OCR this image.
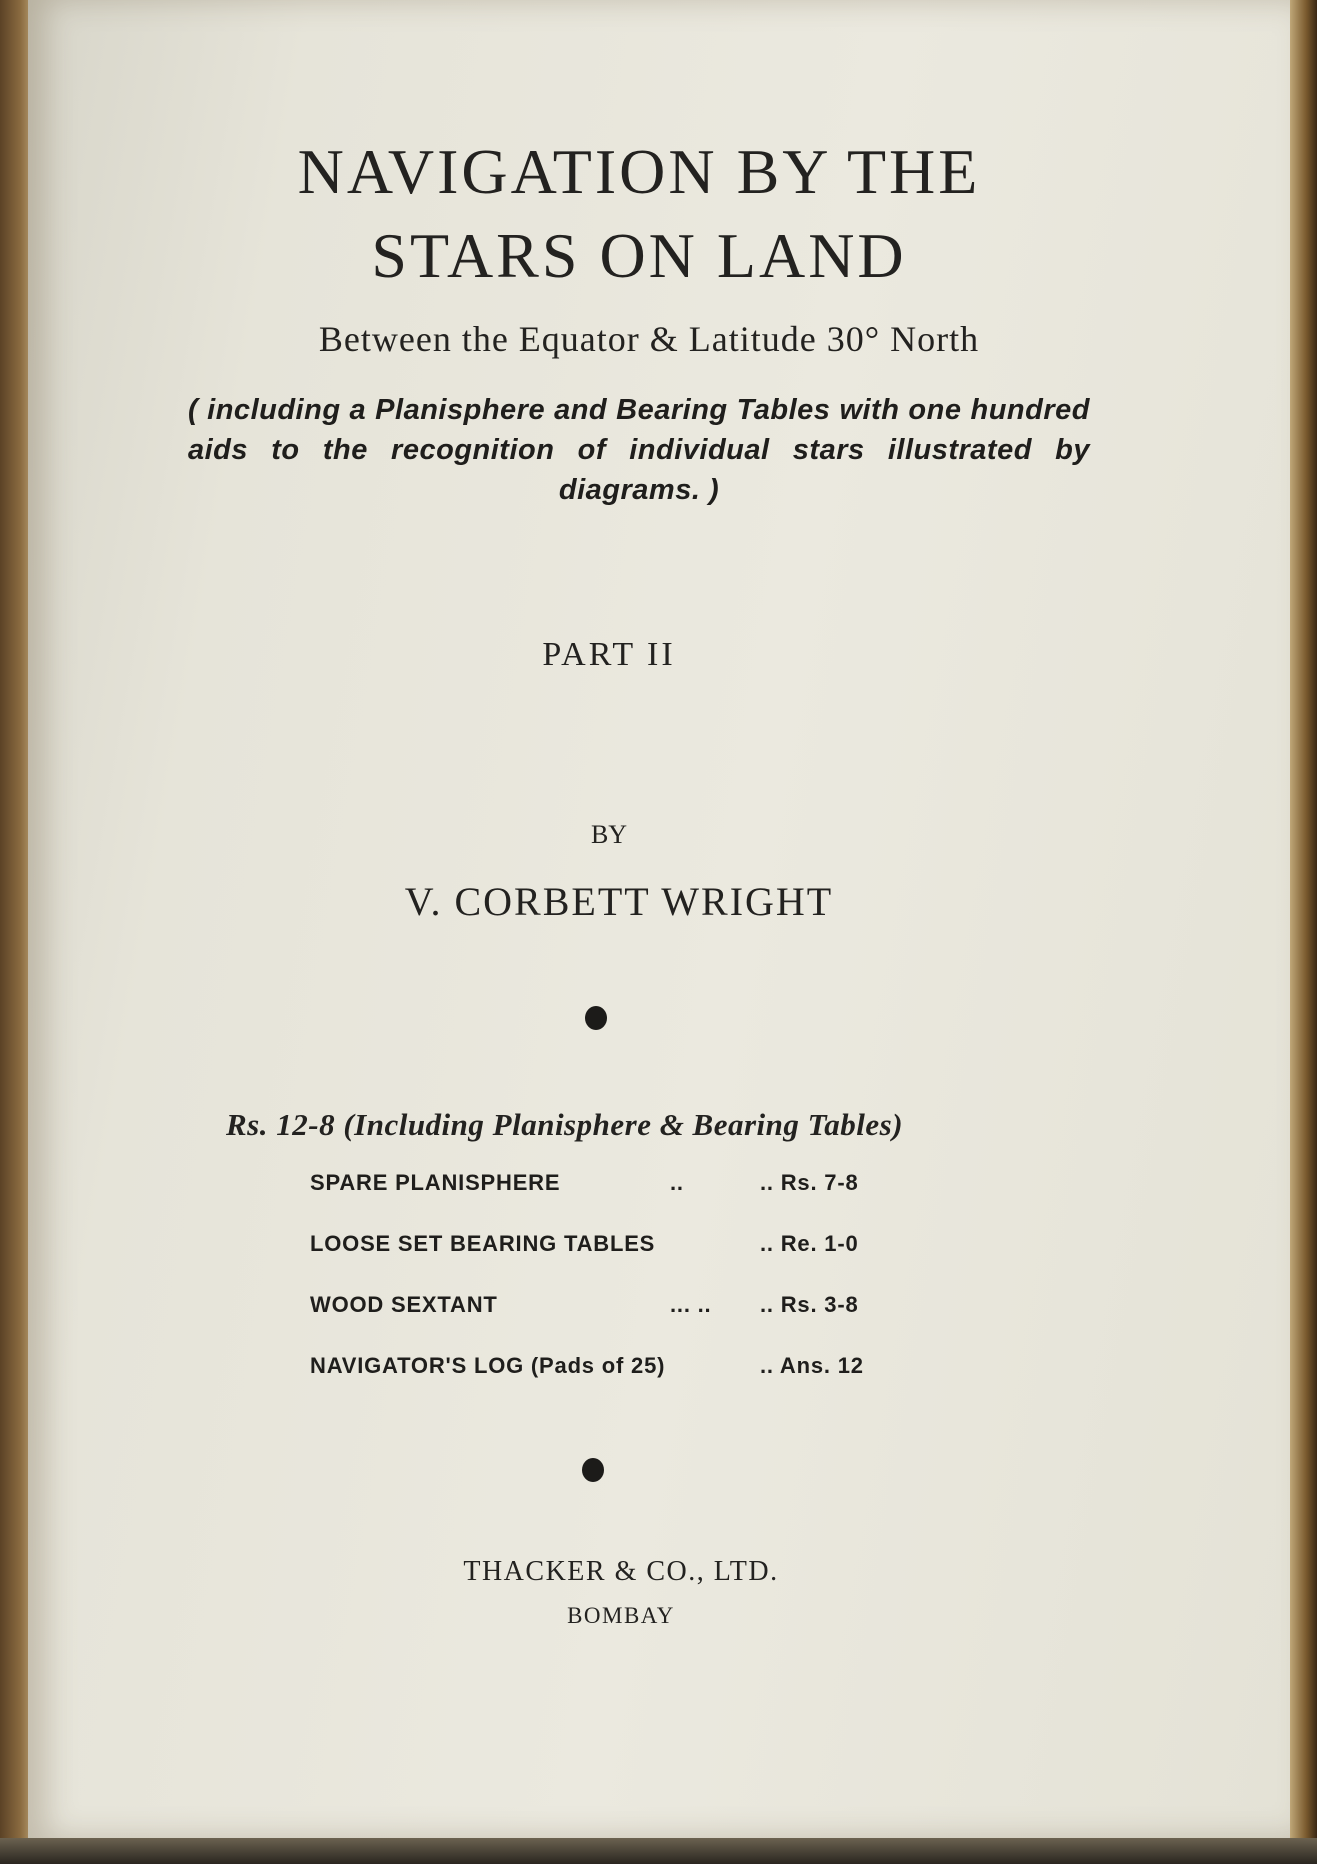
NAVIGATION BY THE
STARS ON LAND
Between the Equator & Latitude 30° North
( including a Planisphere and Bearing Tables with one hundred aids to the recognition of individual stars illustrated by diagrams. )
PART II
BY
V. CORBETT WRIGHT
Rs. 12-8 (Including Planisphere & Bearing Tables)
SPARE PLANISPHERE	..	.. Rs. 7-8
LOOSE SET BEARING TABLES	.. Re. 1-0
WOOD SEXTANT	... .. .. Rs. 3-8
NAVIGATOR'S LOG (Pads of 25)	.. Ans. 12
THACKER & CO., LTD.
BOMBAY
